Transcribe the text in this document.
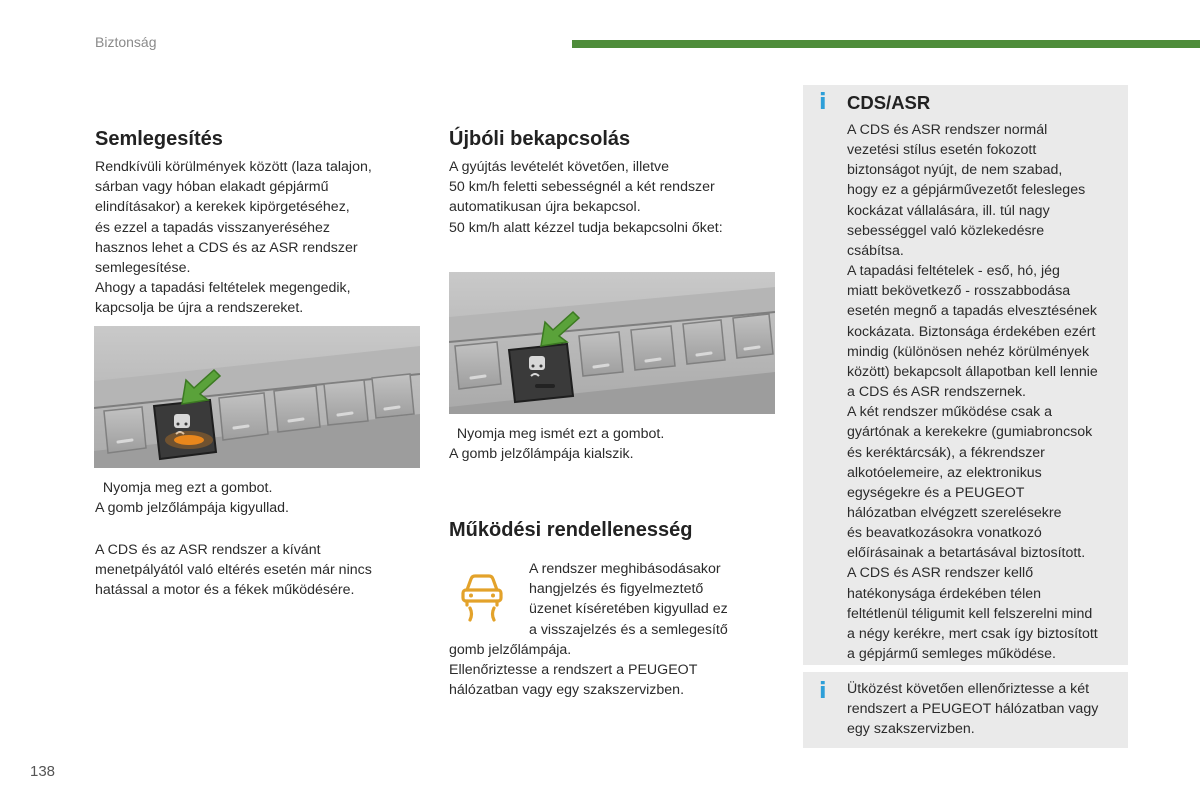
Biztonság
Semlegesítés

Rendkívüli körülmények között (laza talajon,

sárban vagy hóban elakadt gépjármű

elindításakor) a kerekek kipörgetéséhez,

és ezzel a tapadás visszanyeréséhez

hasznos lehet a CDS és az ASR rendszer

semlegesítése.

Ahogy a tapadási feltételek megengedik,

kapcsolja be újra a rendszereket.

Nyomja meg ezt a gombot.

A gomb jelzőlámpája kigyullad.

A CDS és az ASR rendszer a kívánt

menetpályától való eltérés esetén már nincs

hatással a motor és a fékek működésére.

Újbóli bekapcsolás

A gyújtás levételét követően, illetve

50 km/h feletti sebességnél a két rendszer

automatikusan újra bekapcsol.

50 km/h alatt kézzel tudja bekapcsolni őket:

Nyomja meg ismét ezt a gombot.

A gomb jelzőlámpája kialszik.

Működési rendellenesség

A rendszer meghibásodásakor

hangjelzés és figyelmeztető

üzenet kíséretében kigyullad ez

a visszajelzés és a semlegesítő

gomb jelzőlámpája.

Ellenőriztesse a rendszert a PEUGEOT

hálózatban vagy egy szakszervizben.

i CDS/ASR

A CDS és ASR rendszer normál

vezetési stílus esetén fokozott

biztonságot nyújt, de nem szabad,

hogy ez a gépjárművezetőt felesleges

kockázat vállalására, ill. túl nagy

sebességgel való közlekedésre

csábítsa.

A tapadási feltételek - eső, hó, jég

miatt bekövetkező - rosszabbodása

esetén megnő a tapadás elvesztésének

kockázata. Biztonsága érdekében ezért

mindig (különösen nehéz körülmények

között) bekapcsolt állapotban kell lennie

a CDS és ASR rendszernek.

A két rendszer működése csak a

gyártónak a kerekekre (gumiabroncsok

és keréktárcsák), a fékrendszer

alkotóelemeire, az elektronikus

egységekre és a PEUGEOT

hálózatban elvégzett szerelésekre

és beavatkozásokra vonatkozó

előírásainak a betartásával biztosított.

A CDS és ASR rendszer kellő

hatékonysága érdekében télen

feltétlenül téligumit kell felszerelni mind

a négy kerékre, mert csak így biztosított

a gépjármű semleges működése.

i Ütközést követően ellenőriztesse a két

rendszert a PEUGEOT hálózatban vagy

egy szakszervizben.

138
